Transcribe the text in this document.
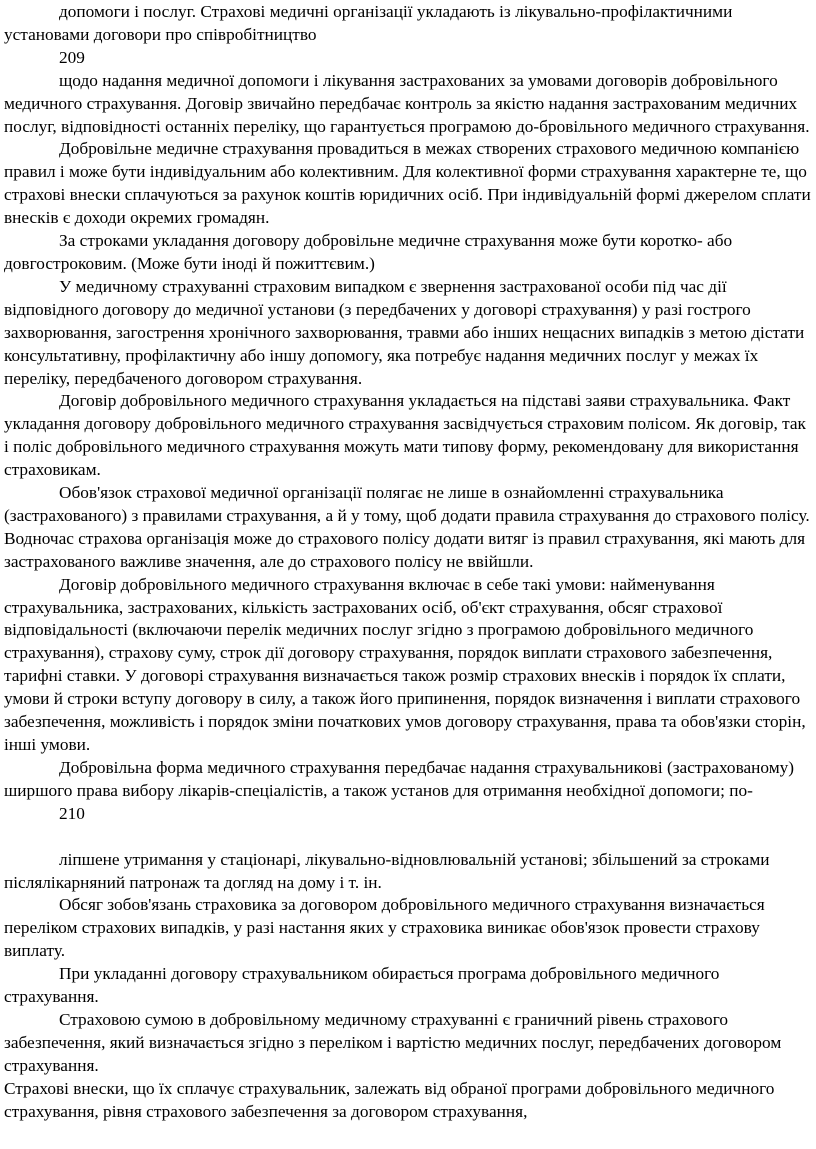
допомоги і послуг. Страхові медичні організації укладають із лікувально-профілактичними установами договори про співробітництво

209

щодо надання медичної допомоги і лікування застрахованих за умовами договорів добровільного медичного страхування. Договір звичайно передбачає контроль за якістю надання застрахованим медичних послуг, відповідності останніх переліку, що гарантується програмою до-бровільного медичного страхування.

Добровільне медичне страхування провадиться в межах створених страхового медичною компанією правил і може бути індивідуальним або колективним. Для колективної форми страхування характерне те, що страхові внески сплачуються за рахунок коштів юридичних осіб. При індивідуальній формі джерелом сплати внесків є доходи окремих громадян.

За строками укладання договору добровільне медичне страхування може бути коротко- або довгостроковим. (Може бути іноді й пожиттєвим.)

У медичному страхуванні страховим випадком є звернення застрахованої особи під час дії відповідного договору до медичної установи (з передбачених у договорі страхування) у разі гострого захворювання, загострення хронічного захворювання, травми або інших нещасних випадків з метою дістати консультативну, профілактичну або іншу допомогу, яка потребує надання медичних послуг у межах їх переліку, передбаченого договором страхування.

Договір добровільного медичного страхування укладається на підставі заяви страхувальника. Факт укладання договору добровільного медичного страхування засвідчується страховим полісом. Як договір, так і поліс добровільного медичного страхування можуть мати типову форму, рекомендовану для використання страховикам.

Обов'язок страхової медичної організації полягає не лише в ознайомленні страхувальника (застрахованого) з правилами страхування, а й у тому, щоб додати правила страхування до страхового полісу. Водночас страхова організація може до страхового полісу додати витяг із правил страхування, які мають для застрахованого важливе значення, але до страхового полісу не ввійшли.

Договір добровільного медичного страхування включає в себе такі умови: найменування страхувальника, застрахованих, кількість застрахованих осіб, об'єкт страхування, обсяг страхової відповідальності (включаючи перелік медичних послуг згідно з програмою добровільного медичного страхування), страхову суму, строк дії договору страхування, порядок виплати страхового забезпечення, тарифні ставки. У договорі страхування визначається також розмір страхових внесків і порядок їх сплати, умови й строки вступу договору в силу, а також його припинення, порядок визначення і виплати страхового забезпечення, можливість і порядок зміни початкових умов договору страхування, права та обов'язки сторін, інші умови.

Добровільна форма медичного страхування передбачає надання страхувальникові (застрахованому) ширшого права вибору лікарів-спеціалістів, а також установ для отримання необхідної допомоги; по-

210

ліпшене утримання у стаціонарі, лікувально-відновлювальній установі; збільшений за строками післялікарняний патронаж та догляд на дому і т. ін.

Обсяг зобов'язань страховика за договором добровільного медичного страхування визначається переліком страхових випадків, у разі настання яких у страховика виникає обов'язок провести страхову виплату.

При укладанні договору страхувальником обирається програма добровільного медичного страхування.

Страховою сумою в добровільному медичному страхуванні є граничний рівень страхового забезпечення, який визначається згідно з переліком і вартістю медичних послуг, передбачених договором страхування.

Страхові внески, що їх сплачує страхувальник, залежать від обраної програми добровільного медичного страхування, рівня страхового забезпечення за договором страхування,
